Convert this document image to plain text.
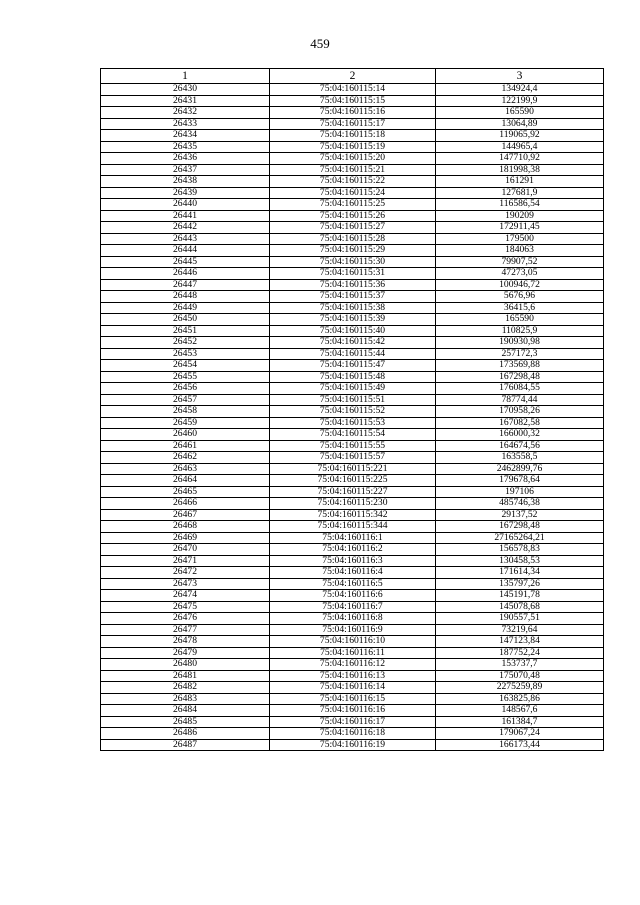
459
1	2	3
26430	75:04:160115:14	134924,4
26431	75:04:160115:15	122199,9
26432	75:04:160115:16	165590
26433	75:04:160115:17	13064,89
26434	75:04:160115:18	119065,92
26435	75:04:160115:19	144965,4
26436	75:04:160115:20	147710,92
26437	75:04:160115:21	181998,38
26438	75:04:160115:22	161291
26439	75:04:160115:24	127681,9
26440	75:04:160115:25	116586,54
26441	75:04:160115:26	190209
26442	75:04:160115:27	172911,45
26443	75:04:160115:28	179500
26444	75:04:160115:29	184063
26445	75:04:160115:30	79907,52
26446	75:04:160115:31	47273,05
26447	75:04:160115:36	100946,72
26448	75:04:160115:37	5676,96
26449	75:04:160115:38	36415,6
26450	75:04:160115:39	165590
26451	75:04:160115:40	110825,9
26452	75:04:160115:42	190930,98
26453	75:04:160115:44	257172,3
26454	75:04:160115:47	173569,88
26455	75:04:160115:48	167298,48
26456	75:04:160115:49	176084,55
26457	75:04:160115:51	78774,44
26458	75:04:160115:52	170958,26
26459	75:04:160115:53	167082,58
26460	75:04:160115:54	166000,32
26461	75:04:160115:55	164674,56
26462	75:04:160115:57	163558,5
26463	75:04:160115:221	2462899,76
26464	75:04:160115:225	179678,64
26465	75:04:160115:227	197106
26466	75:04:160115:230	485746,38
26467	75:04:160115:342	29137,52
26468	75:04:160115:344	167298,48
26469	75:04:160116:1	27165264,21
26470	75:04:160116:2	156578,83
26471	75:04:160116:3	130458,53
26472	75:04:160116:4	171614,34
26473	75:04:160116:5	135797,26
26474	75:04:160116:6	145191,78
26475	75:04:160116:7	145078,68
26476	75:04:160116:8	190557,51
26477	75:04:160116:9	73219,64
26478	75:04:160116:10	147123,84
26479	75:04:160116:11	187752,24
26480	75:04:160116:12	153737,7
26481	75:04:160116:13	175070,48
26482	75:04:160116:14	2275259,89
26483	75:04:160116:15	163825,86
26484	75:04:160116:16	148567,6
26485	75:04:160116:17	161384,7
26486	75:04:160116:18	179067,24
26487	75:04:160116:19	166173,44
